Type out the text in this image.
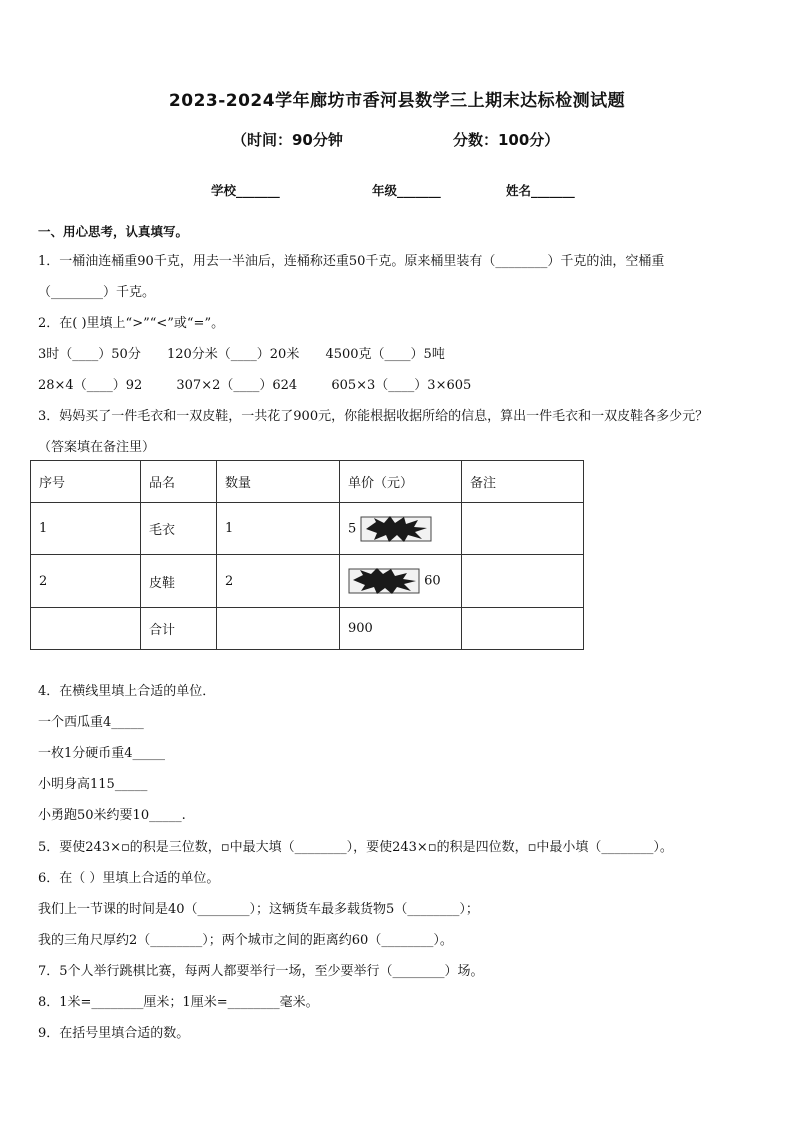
2023-2024学年廊坊市香河县数学三上期末达标检测试题
（时间：90分钟	分数：100分）
学校_______	年级_______	姓名_______
一、用心思考，认真填写。
1．一桶油连桶重90千克，用去一半油后，连桶称还重50千克。原来桶里装有（________）千克的油，空桶重
（________）千克。
2．在( )里填上“>”“<”或“=”。
3时（____）50分 120分米（____）20米 4500克（____）5吨
28×4（____）92	307×2（____）624	605×3（____）3×605
3．妈妈买了一件毛衣和一双皮鞋，一共花了900元，你能根据收据所给的信息，算出一件毛衣和一双皮鞋各多少元？
（答案填在备注里）
序号	品名	数量	单价（元）	备注
1	毛衣	1	5	
2	皮鞋	2	60	
	合计		900	
4．在横线里填上合适的单位．
一个西瓜重4_____
一枚1分硬币重4_____
小明身高115_____
小勇跑50米约要10_____.
5．要使243×▫的积是三位数，▫中最大填（________），要使243×▫的积是四位数，▫中最小填（________）。
6．在（ ）里填上合适的单位。
我们上一节课的时间是40（________）；这辆货车最多载货物5（________）；
我的三角尺厚约2（________）；两个城市之间的距离约60（________）。
7．5个人举行跳棋比赛，每两人都要举行一场，至少要举行（________）场。
8．1米=________厘米；1厘米=________毫米。
9．在括号里填合适的数。
